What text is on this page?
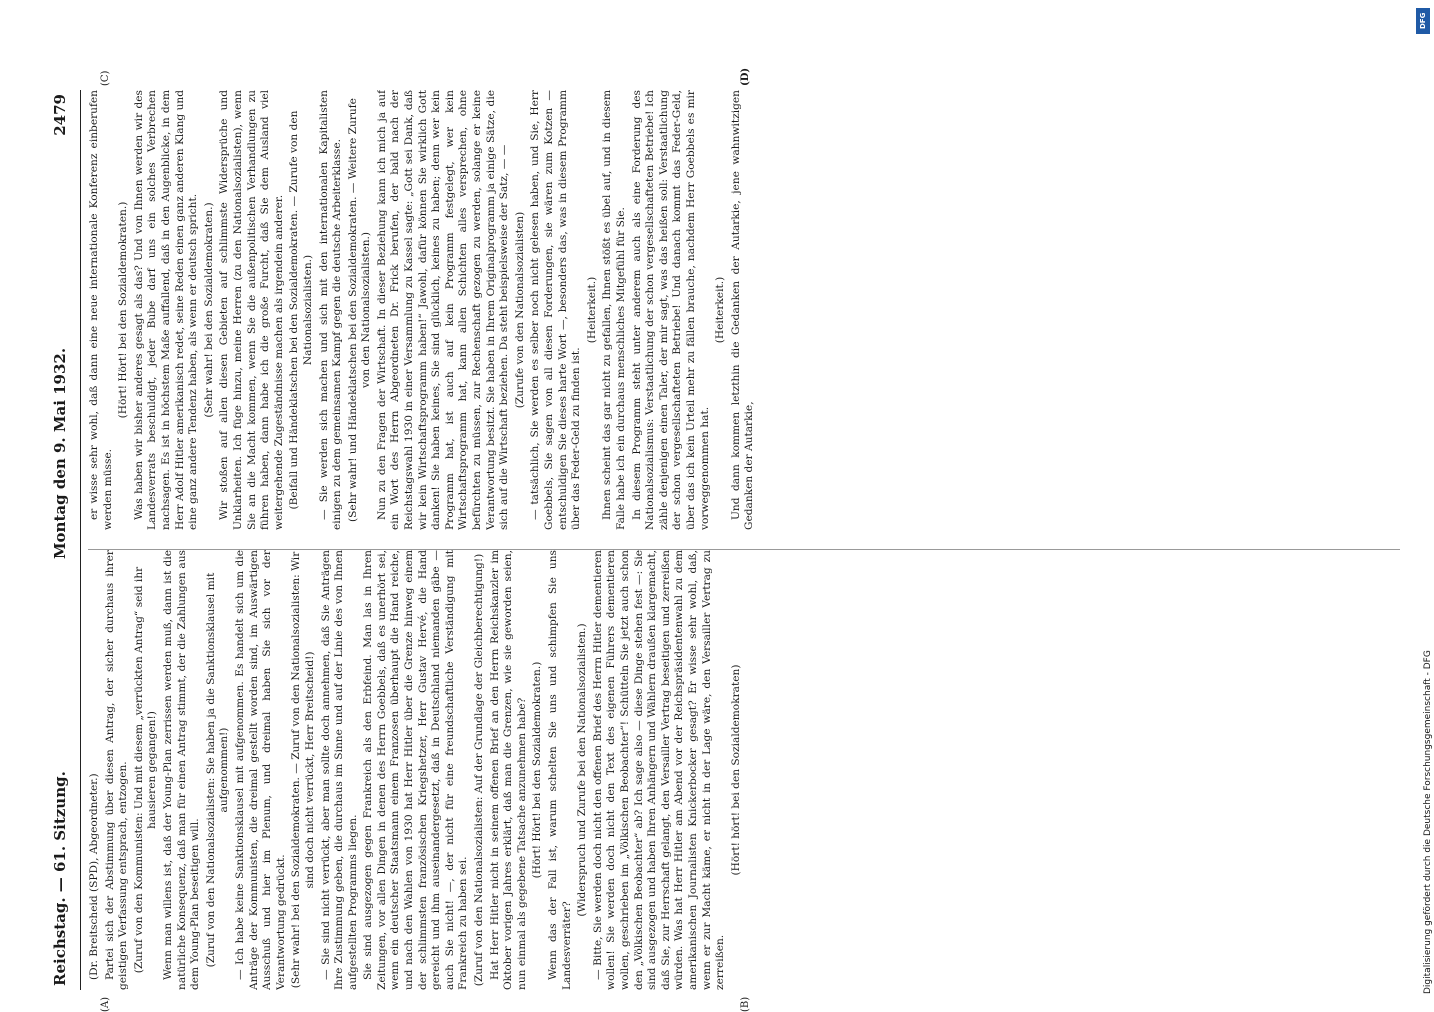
Reichstag. — 61. Sitzung.
Montag den 9. Mai 1932.
2479

(Dr. Breitscheid (SPD), Abgeordneter.) Partei sich der Abstimmung über diesen Antrag, der sicher durchaus ihrer geistigen Verfassung entsprach, entzogen. (Zuruf von den Kommunisten: Und mit diesem „verrückten Antrag“ seid ihr hausieren gegangen!) Wenn man willens ist, daß der Young-Plan zerrissen werden muß, dann ist die natürliche Konsequenz, daß man für einen Antrag stimmt, der die Zahlungen aus dem Young-Plan beseitigen will. (Zuruf von den Nationalsozialisten: Sie haben ja die Sanktionsklausel mit aufgenommen!) — Ich habe keine Sanktionsklausel mit aufgenommen. Es handelt sich um die Anträge der Kommunisten, die dreimal gestellt worden sind, im Auswärtigen Ausschuß und hier im Plenum, und dreimal haben Sie sich vor der Verantwortung gedrückt. (Sehr wahr! bei den Sozialdemokraten. — Zuruf von den Nationalsozialisten: Wir sind doch nicht verrückt, Herr Breitscheid!) — Sie sind nicht verrückt, aber man sollte doch annehmen, daß Sie Anträgen Ihre Zustimmung geben, die durchaus im Sinne und auf der Linie des von Ihnen aufgestellten Programms liegen. Sie sind ausgezogen gegen Frankreich als den Erbfeind. Man las in Ihren Zeitungen, vor allen Dingen in denen des Herrn Goebbels, daß es unerhört sei, wenn ein deutscher Staatsmann einem Franzosen überhaupt die Hand reiche, und nach den Wahlen von 1930 hat Herr Hitler über die Grenze hinweg einem der schlimmsten französischen Kriegshetzer, Herr Gustav Hervé, die Hand gereicht und ihm auseinandergesetzt, daß in Deutschland niemanden gäbe — auch Sie nicht! —, der nicht für eine freundschaftliche Verständigung mit Frankreich zu haben sei. (Zuruf von den Nationalsozialisten: Auf der Grundlage der Gleichberechtigung!) Hat Herr Hitler nicht in seinem offenen Brief an den Herrn Reichskanzler im Oktober vorigen Jahres erklärt, daß man die Grenzen, wie sie geworden seien, nun einmal als gegebene Tatsache anzunehmen habe? (Hört! Hört! bei den Sozialdemokraten.) Wenn das der Fall ist, warum schelten Sie uns und schimpfen Sie uns Landesverräter?

(Widerspruch und Zurufe bei den Nationalsozialisten.) — Bitte, Sie werden doch nicht den offenen Brief des Herrn Hitler dementieren wollen! Sie werden doch nicht den Text des eigenen Führers dementieren wollen, geschrieben im „Völkischen Beobachter“! Schütteln Sie jetzt auch schon den „Völkischen Beobachter“ ab? Ich sage also — diese Dinge stehen fest —: Sie sind ausgezogen und haben Ihren Anhängern und Wählern draußen klargemacht, daß Sie, zur Herrschaft gelangt, den Versailler Vertrag beseitigen und zerreißen würden. Was hat Herr Hitler am Abend vor der Reichspräsidentenwahl zu dem amerikanischen Journalisten Knickerbocker gesagt? Er wisse sehr wohl, daß, wenn er zur Macht käme, er nicht in der Lage wäre, den Versailler Vertrag zu zerreißen.

(Hört! hört! bei den Sozialdemokraten)

er wisse sehr wohl, daß dann eine neue internationale Konferenz einberufen werden müsse.

(Hört! Hört! bei den Sozialdemokraten.) Was haben wir bisher anderes gesagt als das? Und von Ihnen werden wir des Landesverrats beschuldigt, jeder Bube darf uns ein solches Verbrechen nachsagen. Es ist in höchstem Maße auffallend, daß in den Augenblicke, in dem Herr Adolf Hitler amerikanisch redet, seine Reden einen ganz anderen Klang und eine ganz andere Tendenz haben, als wenn er deutsch spricht. (Sehr wahr! bei den Sozialdemokraten.) Wir stoßen auf allen diesen Gebieten auf schlimmste Widersprüche und Unklarheiten. Ich füge hinzu, meine Herren (zu den Nationalsozialisten), wenn Sie an die Macht kommen, wenn Sie die außenpolitischen Verhandlungen zu führen haben, dann habe ich die große Furcht, daß Sie dem Ausland viel weitergehende Zugeständnisse machen als irgendein anderer. (Beifall und Händeklatschen bei den Sozialdemokraten. — Zurufe von den Nationalsozialisten.) — Sie werden sich machen und sich mit den internationalen Kapitalisten einigen zu dem gemeinsamen Kampf gegen die deutsche Arbeiterklasse. (Sehr wahr! und Händeklatschen bei den Sozialdemokraten. — Weitere Zurufe von den Nationalsozialisten.) Nun zu den Fragen der Wirtschaft. In dieser Beziehung kann ich mich ja auf ein Wort des Herrn Abgeordneten Dr. Frick berufen, der bald nach der Reichstagswahl 1930 in einer Versammlung zu Kassel sagte: „Gott sei Dank, daß wir kein Wirtschaftsprogramm haben!“ Jawohl, dafür können Sie wirklich Gott danken! Sie haben keines, Sie sind glücklich, keines zu haben; denn wer kein Programm hat, ist auch auf kein Programm festgelegt, wer kein Wirtschaftsprogramm hat, kann allen Schichten alles versprechen, ohne befürchten zu müssen, zur Rechenschaft gezogen zu werden, solange er keine Verantwortung besitzt. Sie haben in Ihrem Originalprogramm ja einige Sätze, die sich auf die Wirtschaft beziehen. Da steht beispielsweise der Satz, — — (Zurufe von den Nationalsozialisten) — tatsächlich, Sie werden es selber noch nicht gelesen haben, und Sie, Herr Goebbels, Sie sagen von all diesen Forderungen, sie wären zum Kotzen — entschuldigen Sie dieses harte Wort —, besonders das, was in diesem Programm über das Feder-Geld zu finden ist.

(Heiterkeit.) Ihnen scheint das gar nicht zu gefallen, Ihnen stößt es übel auf, und in diesem Falle habe ich ein durchaus menschliches Mitgefühl für Sie. In diesem Programm steht unter anderem auch als eine Forderung des Nationalsozialismus: Verstaatlichung der schon vergesellschafteten Betriebe! Ich zähle denjenigen einen Taler, der mir sagt, was das heißen soll: Verstaatlichung der schon vergesellschafteten Betriebe! Und danach kommt das Feder-Geld, über das ich kein Urteil mehr zu fällen brauche, nachdem Herr Goebbels es mir vorweggenommen hat.

(Heiterkeit.) Und dann kommen letzthin die Gedanken der Autarkie, jene wahnwitzigen Gedanken der Autarkie,

(A)	(B)
(C)	(D)
DFG
Digitalisierung gefördert durch die Deutsche Forschungsgemeinschaft - DFG
